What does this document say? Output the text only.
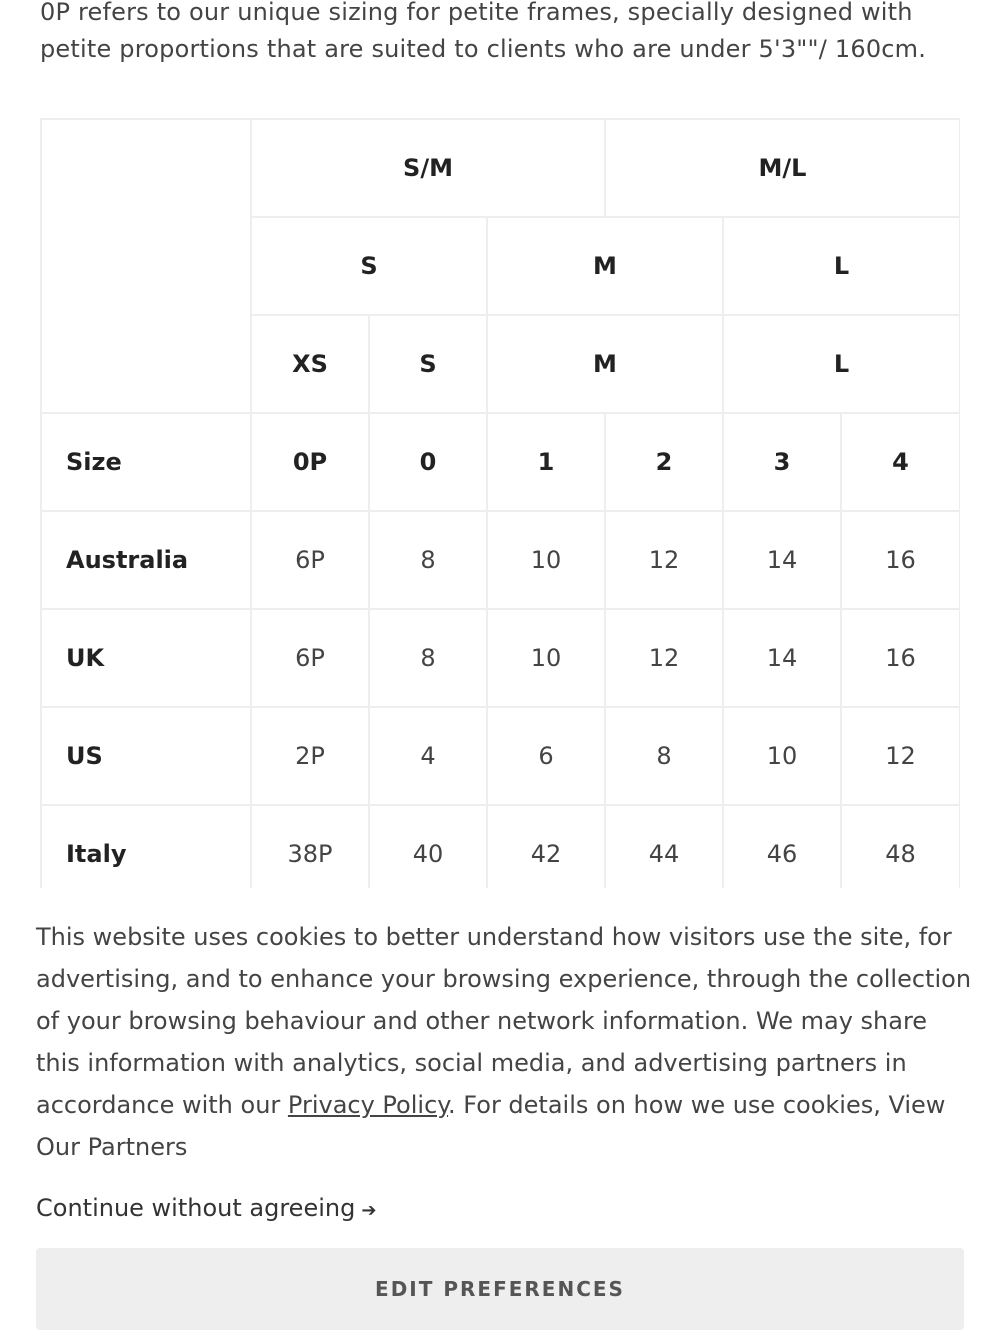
0P refers to our unique sizing for petite frames, specially designed with petite proportions that are suited to clients who are under 5'3""/ 160cm.

	S/M			M/L		
	S		M		L	
	XS	S	M		L	
Size	0P	0	1	2	3	4
Australia	6P	8	10	12	14	16
UK	6P	8	10	12	14	16
US	2P	4	6	8	10	12
Italy	38P	40	42	44	46	48

This website uses cookies to better understand how visitors use the site, for advertising, and to enhance your browsing experience, through the collection of your browsing behaviour and other network information. We may share this information with analytics, social media, and advertising partners in accordance with our Privacy Policy. For details on how we use cookies, View Our Partners

Continue without agreeing ➔
EDIT PREFERENCES
